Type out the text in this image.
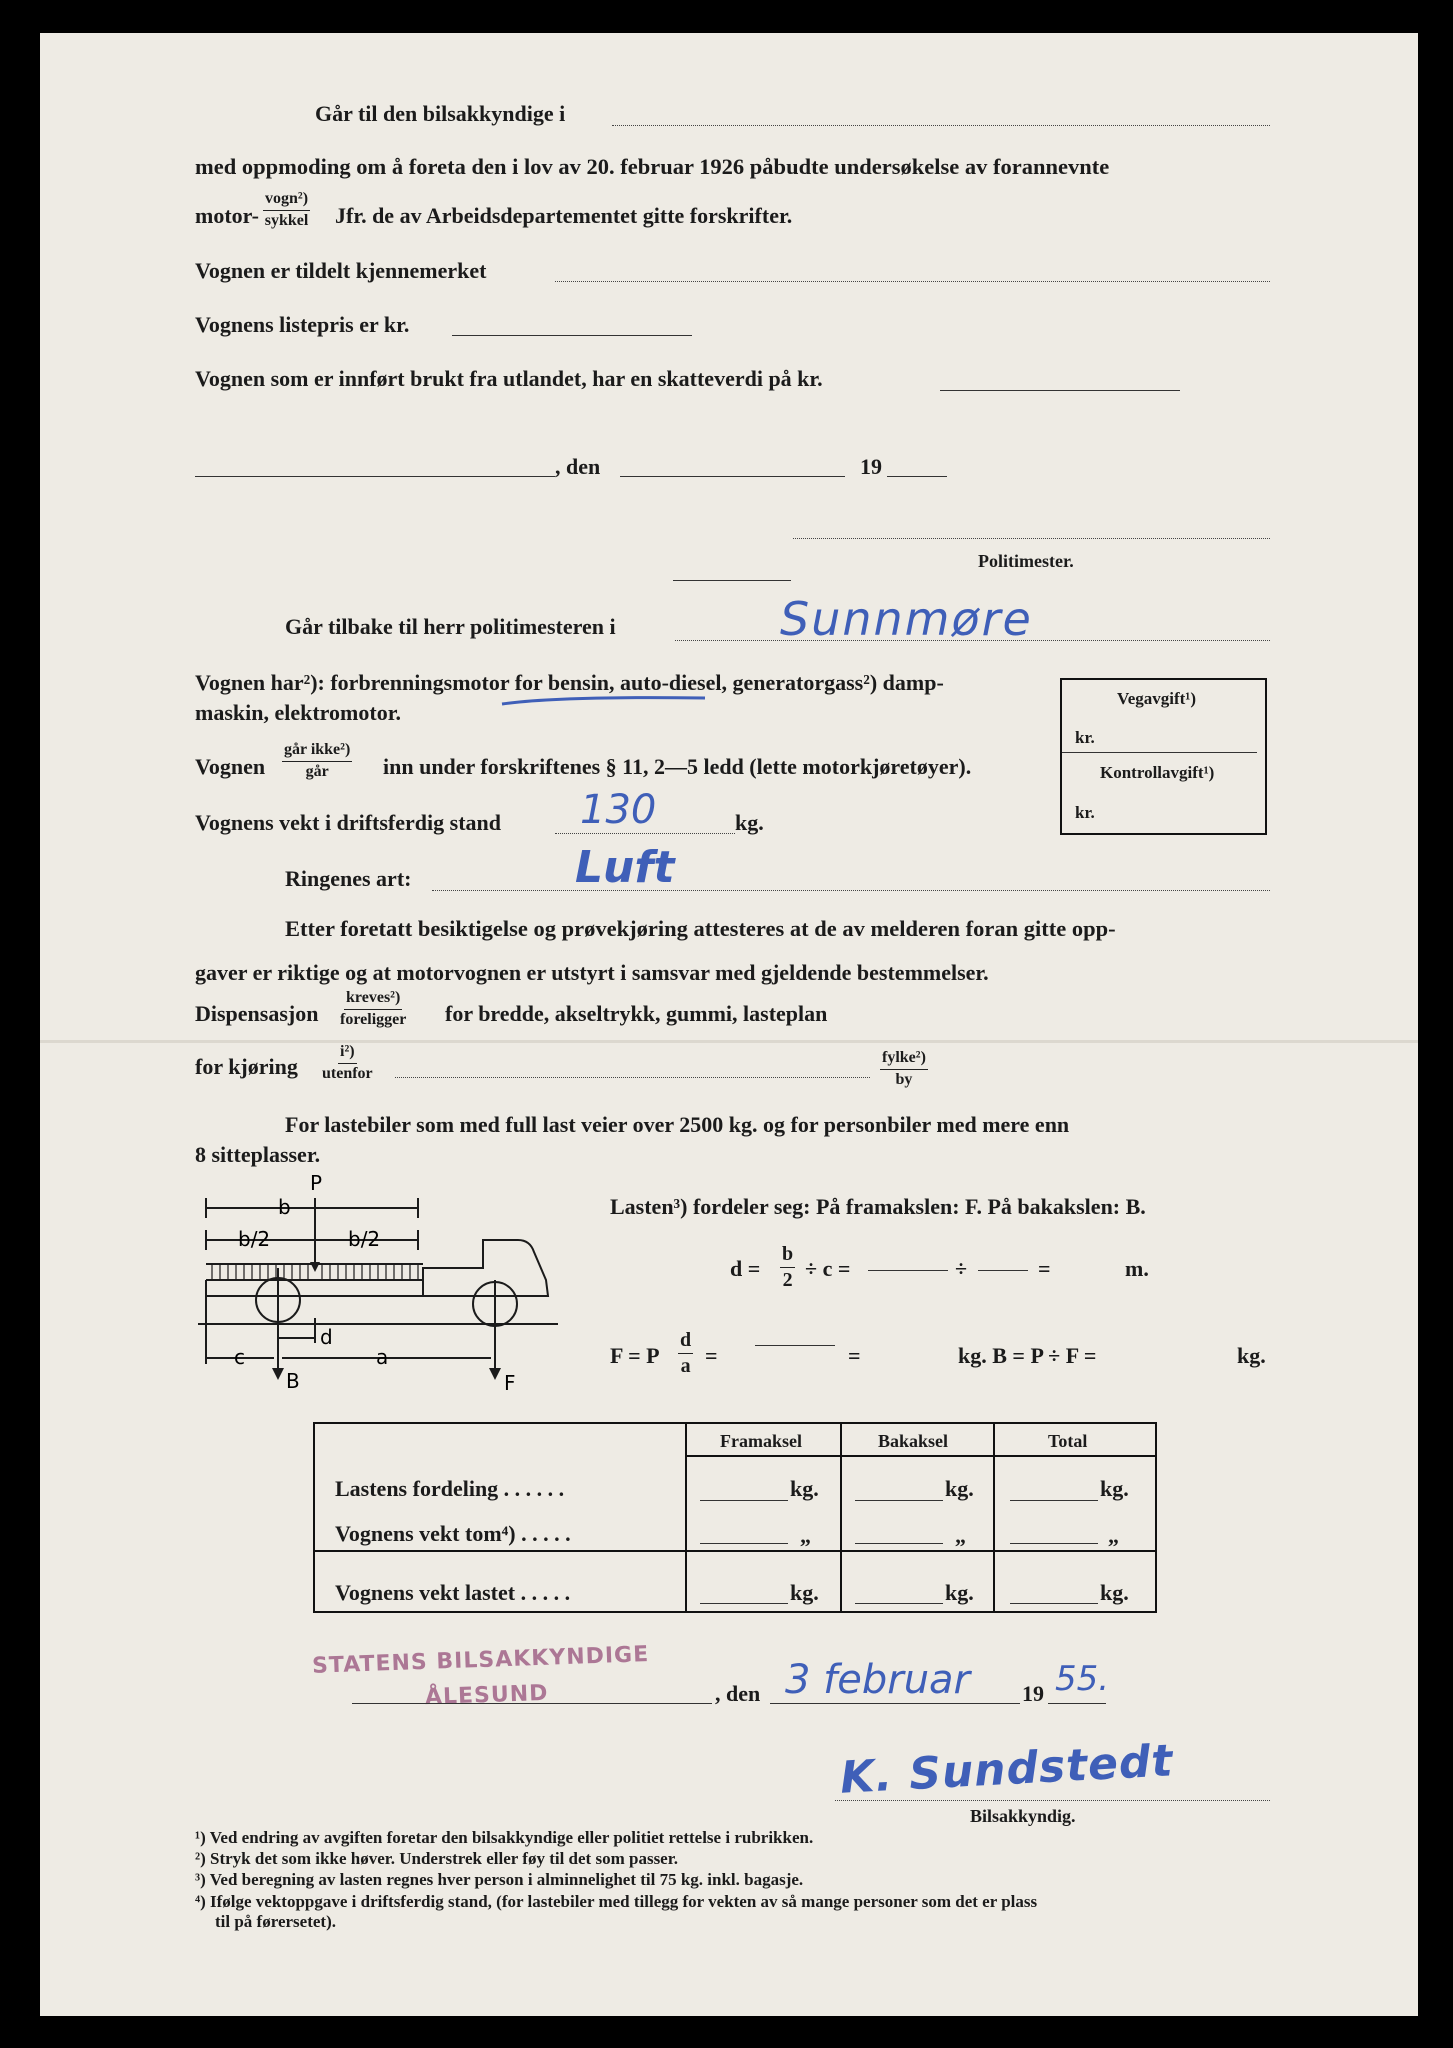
Går til den bilsakkyndige i
med oppmoding om å foreta den i lov av 20. februar 1926 påbudte undersøkelse av forannevnte
motor-
vogn²)
sykkel Jfr. de av Arbeidsdepartementet gitte forskrifter.
Vognen er tildelt kjennemerket
Vognens listepris er kr.
Vognen som er innført brukt fra utlandet, har en skatteverdi på kr.
, den	19
Politimester.
Går tilbake til herr politimesteren i	Sunnmøre
Vognen har²): forbrenningsmotor for bensin, auto-diesel, generatorgass²) damp-
maskin, elektromotor.
Vegavgift¹)
kr.
Kontrollavgift¹)
kr.
Vognen
går ikke²)
går inn under forskriftenes § 11, 2—5 ledd (lette motorkjøretøyer).
Vognens vekt i driftsferdig stand 130	kg.
Ringenes art:	Luft
Etter foretatt besiktigelse og prøvekjøring attesteres at de av melderen foran gitte opp-
gaver er riktige og at motorvognen er utstyrt i samsvar med gjeldende bestemmelser.
Dispensasjon
kreves²)
foreligger for bredde, akseltrykk, gummi, lasteplan
for kjøring
i²)
utenfor
fylke²)
by
For lastebiler som med full last veier over 2500 kg. og for personbiler med mere enn
8 sitteplasser.
P
b
b/2	b/2
d
c	a
B	F
Lasten³) fordeler seg: På framakslen: F. På bakakslen: B.
$d = \frac{b}{2} \div c$ =	÷	=	m.
F = P $\frac{d}{a}$ =	=	kg. B = P ÷ F =	kg.
Framaksel	Bakaksel	Total
Lastens fordeling . . . . . .	kg.	kg.	kg.
Vognens vekt tom⁴) . . . . .	„	„	„
Vognens vekt lastet . . . . .	kg.	kg.	kg.
STATENS BILSAKKYNDIGE
ÅLESUND	, den 3 februar 19 55.
K. Sundstedt
Bilsakkyndig.
¹) Ved endring av avgiften foretar den bilsakkyndige eller politiet rettelse i rubrikken.
²) Stryk det som ikke høver. Understrek eller føy til det som passer.
³) Ved beregning av lasten regnes hver person i alminnelighet til 75 kg. inkl. bagasje.
⁴) Ifølge vektoppgave i driftsferdig stand, (for lastebiler med tillegg for vekten av så mange personer som det er plass
til på førersetet).
